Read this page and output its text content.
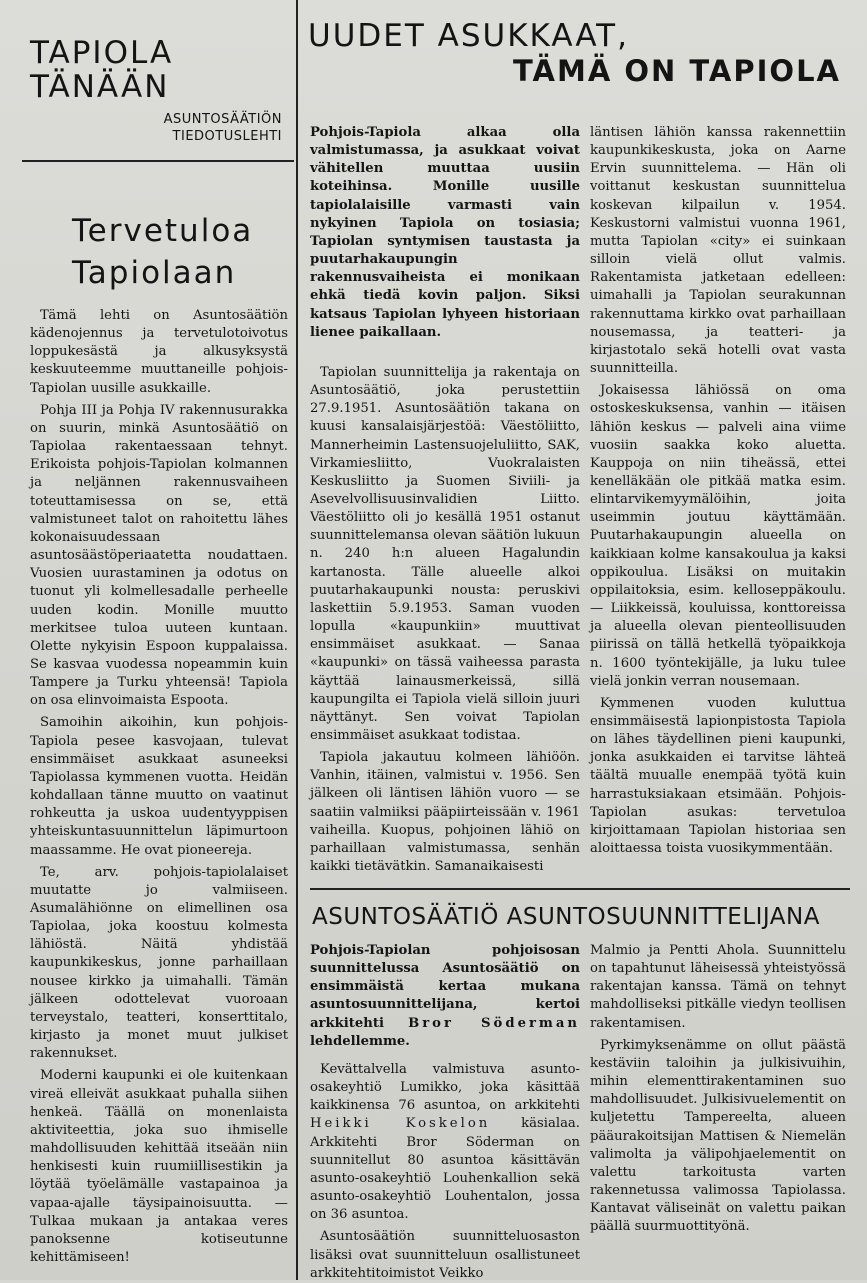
TAPIOLA
TÄNÄÄN
ASUNTOSÄÄTIÖN
TIEDOTUSLEHTI
Tervetuloa
Tapiolaan

Tämä lehti on Asuntosäätiön kädenojennus ja tervetulotoivotus loppukesästä ja alkusyksystä keskuuteemme muuttaneille pohjois-Tapiolan uusille asukkaille.

Pohja III ja Pohja IV rakennusurakka on suurin, minkä Asuntosäätiö on Tapiolaa rakentaessaan tehnyt. Erikoista pohjois-Tapiolan kolmannen ja neljännen rakennusvaiheen toteuttamisessa on se, että valmistuneet talot on rahoitettu lähes kokonaisuudessaan asuntosäästöperiaatetta noudattaen. Vuosien uurastaminen ja odotus on tuonut yli kolmellesadalle perheelle uuden kodin. Monille muutto merkitsee tuloa uuteen kuntaan. Olette nykyisin Espoon kuppalaissa. Se kasvaa vuodessa nopeammin kuin Tampere ja Turku yhteensä! Tapiola on osa elinvoimaista Espoota.

Samoihin aikoihin, kun pohjois-Tapiola pesee kasvojaan, tulevat ensimmäiset asukkaat asuneeksi Tapiolassa kymmenen vuotta. Heidän kohdallaan tänne muutto on vaatinut rohkeutta ja uskoa uudentyyppisen yhteiskuntasuunnittelun läpimurtoon maassamme. He ovat pioneereja.

Te, arv. pohjois-tapiolalaiset muutatte jo valmiiseen. Asumalähiönne on elimellinen osa Tapiolaa, joka koostuu kolmesta lähiöstä. Näitä yhdistää kaupunkikeskus, jonne parhaillaan nousee kirkko ja uimahalli. Tämän jälkeen odottelevat vuoroaan terveystalo, teatteri, konserttitalo, kirjasto ja monet muut julkiset rakennukset.

Moderni kaupunki ei ole kuitenkaan vireä elleivät asukkaat puhalla siihen henkeä. Täällä on monenlaista aktiviteettia, joka suo ihmiselle mahdollisuuden kehittää itseään niin henkisesti kuin ruumiillisestikin ja löytää työelämälle vastapainoa ja vapaa-ajalle täysipainoisuutta. — Tulkaa mukaan ja antakaa veres panoksenne kotiseutunne kehittämiseen!

UUDET ASUKKAAT,
TÄMÄ ON TAPIOLA

Pohjois-Tapiola alkaa olla valmistumassa, ja asukkaat voivat vähitellen muuttaa uusiin koteihinsa. Monille uusille tapiolalaisille varmasti vain nykyinen Tapiola on tosiasia; Tapiolan syntymisen taustasta ja puutarhakaupungin rakennusvaiheista ei monikaan ehkä tiedä kovin paljon. Siksi katsaus Tapiolan lyhyeen historiaan lienee paikallaan.

Tapiolan suunnittelija ja rakentaja on Asuntosäätiö, joka perustettiin 27.9.1951. Asuntosäätiön takana on kuusi kansalaisjärjestöä: Väestöliitto, Mannerheimin Lastensuojeluliitto, SAK, Virkamiesliitto, Vuokralaisten Keskusliitto ja Suomen Siviili- ja Asevelvollisuusinvalidien Liitto. Väestöliitto oli jo kesällä 1951 ostanut suunnittelemansa olevan säätiön lukuun n. 240 h:n alueen Hagalundin kartanosta. Tälle alueelle alkoi puutarhakaupunki nousta: peruskivi laskettiin 5.9.1953. Saman vuoden lopulla «kaupunkiin» muuttivat ensimmäiset asukkaat. — Sanaa «kaupunki» on tässä vaiheessa parasta käyttää lainausmerkeissä, sillä kaupungilta ei Tapiola vielä silloin juuri näyttänyt. Sen voivat Tapiolan ensimmäiset asukkaat todistaa.

Tapiola jakautuu kolmeen lähiöön. Vanhin, itäinen, valmistui v. 1956. Sen jälkeen oli läntisen lähiön vuoro — se saatiin valmiiksi pääpiirteissään v. 1961 vaiheilla. Kuopus, pohjoinen lähiö on parhaillaan valmistumassa, senhän kaikki tietävätkin. Samanaikaisesti

läntisen lähiön kanssa rakennettiin kaupunkikeskusta, joka on Aarne Ervin suunnittelema. — Hän oli voittanut keskustan suunnittelua koskevan kilpailun v. 1954. Keskustorni valmistui vuonna 1961, mutta Tapiolan «city» ei suinkaan silloin vielä ollut valmis. Rakentamista jatketaan edelleen: uimahalli ja Tapiolan seurakunnan rakennuttama kirkko ovat parhaillaan nousemassa, ja teatteri- ja kirjastotalo sekä hotelli ovat vasta suunnitteilla.

Jokaisessa lähiössä on oma ostoskeskuksensa, vanhin — itäisen lähiön keskus — palveli aina viime vuosiin saakka koko aluetta. Kauppoja on niin tiheässä, ettei kenelläkään ole pitkää matka esim. elintarvikemyymälöihin, joita useimmin joutuu käyttämään. Puutarhakaupungin alueella on kaikkiaan kolme kansakoulua ja kaksi oppikoulua. Lisäksi on muitakin oppilaitoksia, esim. kelloseppäkoulu. — Liikkeissä, kouluissa, konttoreissa ja alueella olevan pienteollisuuden piirissä on tällä hetkellä työpaikkoja n. 1600 työntekijälle, ja luku tulee vielä jonkin verran nousemaan.

Kymmenen vuoden kuluttua ensimmäisestä lapionpistosta Tapiola on lähes täydellinen pieni kaupunki, jonka asukkaiden ei tarvitse lähteä täältä muualle enempää työtä kuin harrastuksiakaan etsimään. Pohjois-Tapiolan asukas: tervetuloa kirjoittamaan Tapiolan historiaa sen aloittaessa toista vuosikymmentään.

ASUNTOSÄÄTIÖ ASUNTOSUUNNITTELIJANA

Pohjois-Tapiolan pohjoisosan suunnittelussa Asuntosäätiö on ensimmäistä kertaa mukana asuntosuunnittelijana, kertoi arkkitehti Bror Söderman lehdellemme.

Kevättalvella valmistuva asunto-osakeyhtiö Lumikko, joka käsittää kaikkinensa 76 asuntoa, on arkkitehti Heikki Koskelon käsialaa. Arkkitehti Bror Söderman on suunnitellut 80 asuntoa käsittävän asunto-osakeyhtiö Louhenkallion sekä asunto-osakeyhtiö Louhentalon, jossa on 36 asuntoa.

Asuntosäätiön suunnitteluosaston lisäksi ovat suunnitteluun osallistuneet arkkitehtitoimistot Veikko

Malmio ja Pentti Ahola. Suunnittelu on tapahtunut läheisessä yhteistyössä rakentajan kanssa. Tämä on tehnyt mahdolliseksi pitkälle viedyn teollisen rakentamisen.

Pyrkimyksenämme on ollut päästä kestäviin taloihin ja julkisivuihin, mihin elementtirakentaminen suo mahdollisuudet. Julkisivuelementit on kuljetettu Tampereelta, alueen pääurakoitsijan Mattisen & Niemelän valimolta ja välipohjaelementit on valettu tarkoitusta varten rakennetussa valimossa Tapiolassa. Kantavat väliseinät on valettu paikan päällä suurmuottityönä.
